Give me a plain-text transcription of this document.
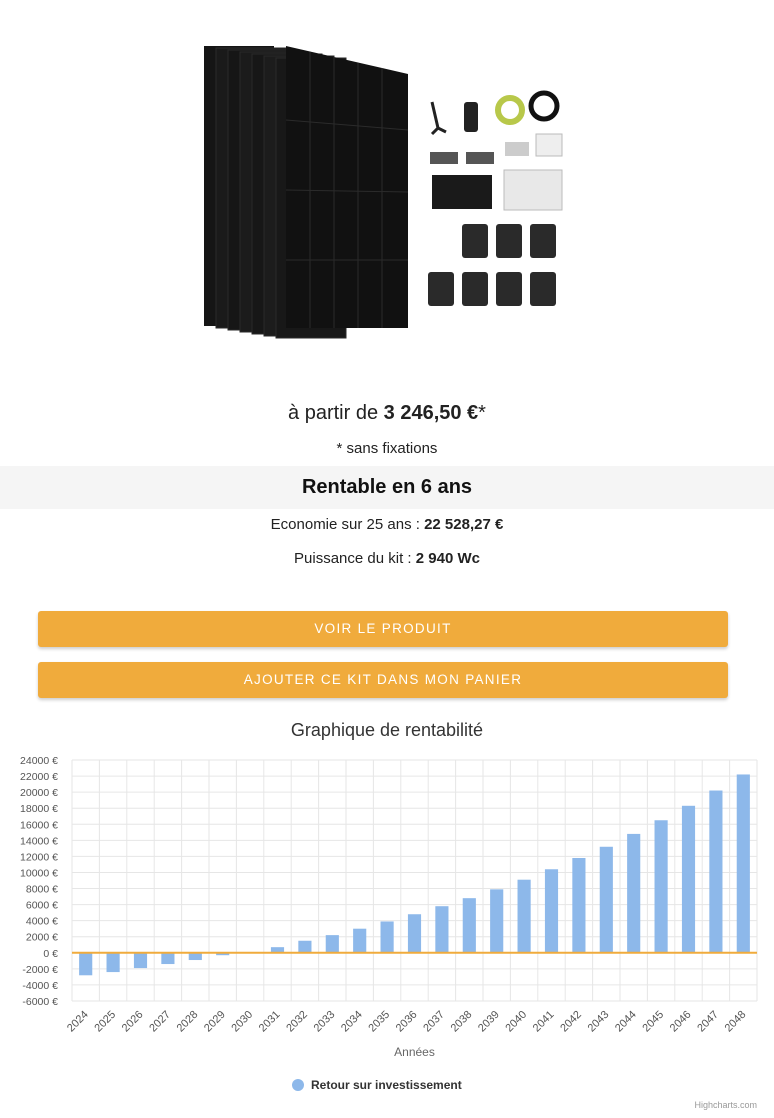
à partir de 3 246,50 €*
* sans fixations
Rentable en 6 ans
Economie sur 25 ans : 22 528,27 €
Puissance du kit : 2 940 Wc
VOIR LE PRODUIT
AJOUTER CE KIT DANS MON PANIER
Graphique de rentabilité
-6000 €
-4000 €
-2000 €
0 €
2000 €
4000 €
6000 €
8000 €
10000 €
12000 €
14000 €
16000 €
18000 €
20000 €
22000 €
24000 €
2024 2025 2026 2027 2028 2029 2030 2031 2032 2033 2034 2035 2036 2037 2038 2039 2040 2041 2042 2043 2044 2045 2046 2047 2048
Années
Retour sur investissement
Highcharts.com
